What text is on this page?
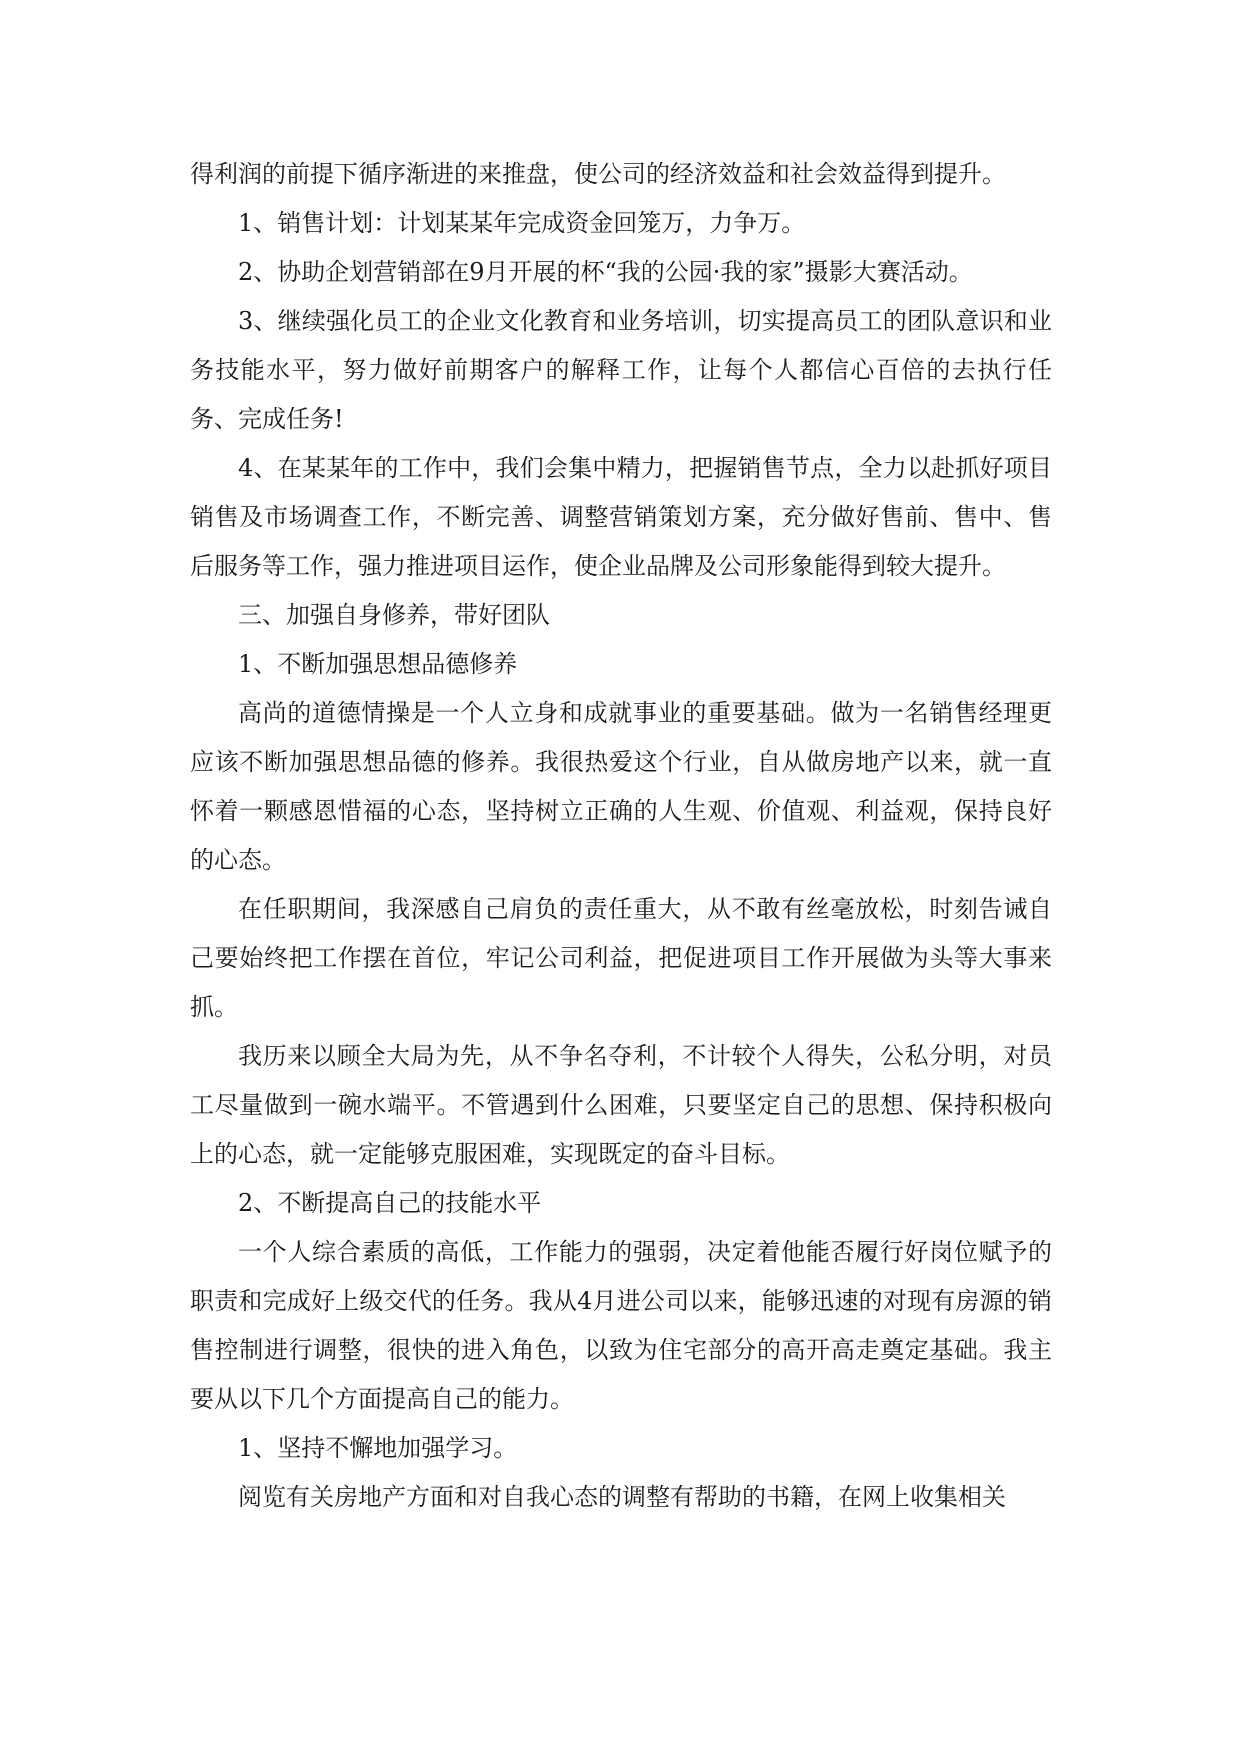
得利润的前提下循序渐进的来推盘，使公司的经济效益和社会效益得到提升。

1、销售计划：计划某某年完成资金回笼万，力争万。

2、协助企划营销部在9月开展的杯“我的公园·我的家”摄影大赛活动。

3、继续强化员工的企业文化教育和业务培训，切实提高员工的团队意识和业务技能水平，努力做好前期客户的解释工作，让每个人都信心百倍的去执行任务、完成任务!

4、在某某年的工作中，我们会集中精力，把握销售节点，全力以赴抓好项目销售及市场调查工作，不断完善、调整营销策划方案，充分做好售前、售中、售后服务等工作，强力推进项目运作，使企业品牌及公司形象能得到较大提升。

三、加强自身修养，带好团队

1、不断加强思想品德修养

高尚的道德情操是一个人立身和成就事业的重要基础。做为一名销售经理更应该不断加强思想品德的修养。我很热爱这个行业，自从做房地产以来，就一直怀着一颗感恩惜福的心态，坚持树立正确的人生观、价值观、利益观，保持良好的心态。

在任职期间，我深感自己肩负的责任重大，从不敢有丝毫放松，时刻告诫自己要始终把工作摆在首位，牢记公司利益，把促进项目工作开展做为头等大事来抓。

我历来以顾全大局为先，从不争名夺利，不计较个人得失，公私分明，对员工尽量做到一碗水端平。不管遇到什么困难，只要坚定自己的思想、保持积极向上的心态，就一定能够克服困难，实现既定的奋斗目标。

2、不断提高自己的技能水平

一个人综合素质的高低，工作能力的强弱，决定着他能否履行好岗位赋予的职责和完成好上级交代的任务。我从4月进公司以来，能够迅速的对现有房源的销售控制进行调整，很快的进入角色，以致为住宅部分的高开高走奠定基础。我主要从以下几个方面提高自己的能力。

1、坚持不懈地加强学习。

阅览有关房地产方面和对自我心态的调整有帮助的书籍，在网上收集相关
